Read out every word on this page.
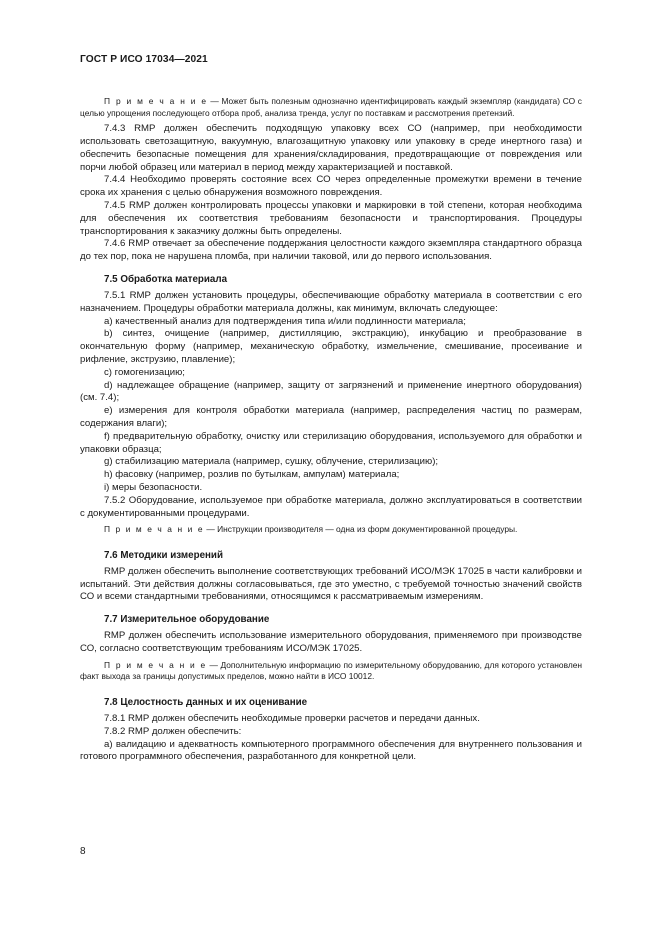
ГОСТ Р ИСО 17034—2021

П р и м е ч а н и е — Может быть полезным однозначно идентифицировать каждый экземпляр (кандидата) СО с целью упрощения последующего отбора проб, анализа тренда, услуг по поставкам и рассмотрения претензий.

7.4.3 RMP должен обеспечить подходящую упаковку всех СО (например, при необходимости использовать светозащитную, вакуумную, влагозащитную упаковку или упаковку в среде инертного газа) и обеспечить безопасные помещения для хранения/складирования, предотвращающие от повреждения или порчи любой образец или материал в период между характеризацией и поставкой.

7.4.4 Необходимо проверять состояние всех СО через определенные промежутки времени в течение срока их хранения с целью обнаружения возможного повреждения.

7.4.5 RMP должен контролировать процессы упаковки и маркировки в той степени, которая необходима для обеспечения их соответствия требованиям безопасности и транспортирования. Процедуры транспортирования к заказчику должны быть определены.

7.4.6 RMP отвечает за обеспечение поддержания целостности каждого экземпляра стандартного образца до тех пор, пока не нарушена пломба, при наличии таковой, или до первого использования.

7.5 Обработка материала

7.5.1 RMP должен установить процедуры, обеспечивающие обработку материала в соответствии с его назначением. Процедуры обработки материала должны, как минимум, включать следующее:

a) качественный анализ для подтверждения типа и/или подлинности материала;

b) синтез, очищение (например, дистилляцию, экстракцию), инкубацию и преобразование в окончательную форму (например, механическую обработку, измельчение, смешивание, просеивание и рифление, экструзию, плавление);

c) гомогенизацию;

d) надлежащее обращение (например, защиту от загрязнений и применение инертного оборудования) (см. 7.4);

e) измерения для контроля обработки материала (например, распределения частиц по размерам, содержания влаги);

f) предварительную обработку, очистку или стерилизацию оборудования, используемого для обработки и упаковки образца;

g) стабилизацию материала (например, сушку, облучение, стерилизацию);

h) фасовку (например, розлив по бутылкам, ампулам) материала;

i) меры безопасности.

7.5.2 Оборудование, используемое при обработке материала, должно эксплуатироваться в соответствии с документированными процедурами.

П р и м е ч а н и е — Инструкции производителя — одна из форм документированной процедуры.

7.6 Методики измерений

RMP должен обеспечить выполнение соответствующих требований ИСО/МЭК 17025 в части калибровки и испытаний. Эти действия должны согласовываться, где это уместно, с требуемой точностью значений свойств СО и всеми стандартными требованиями, относящимся к рассматриваемым измерениям.

7.7 Измерительное оборудование

RMP должен обеспечить использование измерительного оборудования, применяемого при производстве СО, согласно соответствующим требованиям ИСО/МЭК 17025.

П р и м е ч а н и е — Дополнительную информацию по измерительному оборудованию, для которого установлен факт выхода за границы допустимых пределов, можно найти в ИСО 10012.

7.8 Целостность данных и их оценивание

7.8.1 RMP должен обеспечить необходимые проверки расчетов и передачи данных.

7.8.2 RMP должен обеспечить:

a) валидацию и адекватность компьютерного программного обеспечения для внутреннего пользования и готового программного обеспечения, разработанного для конкретной цели.

8
